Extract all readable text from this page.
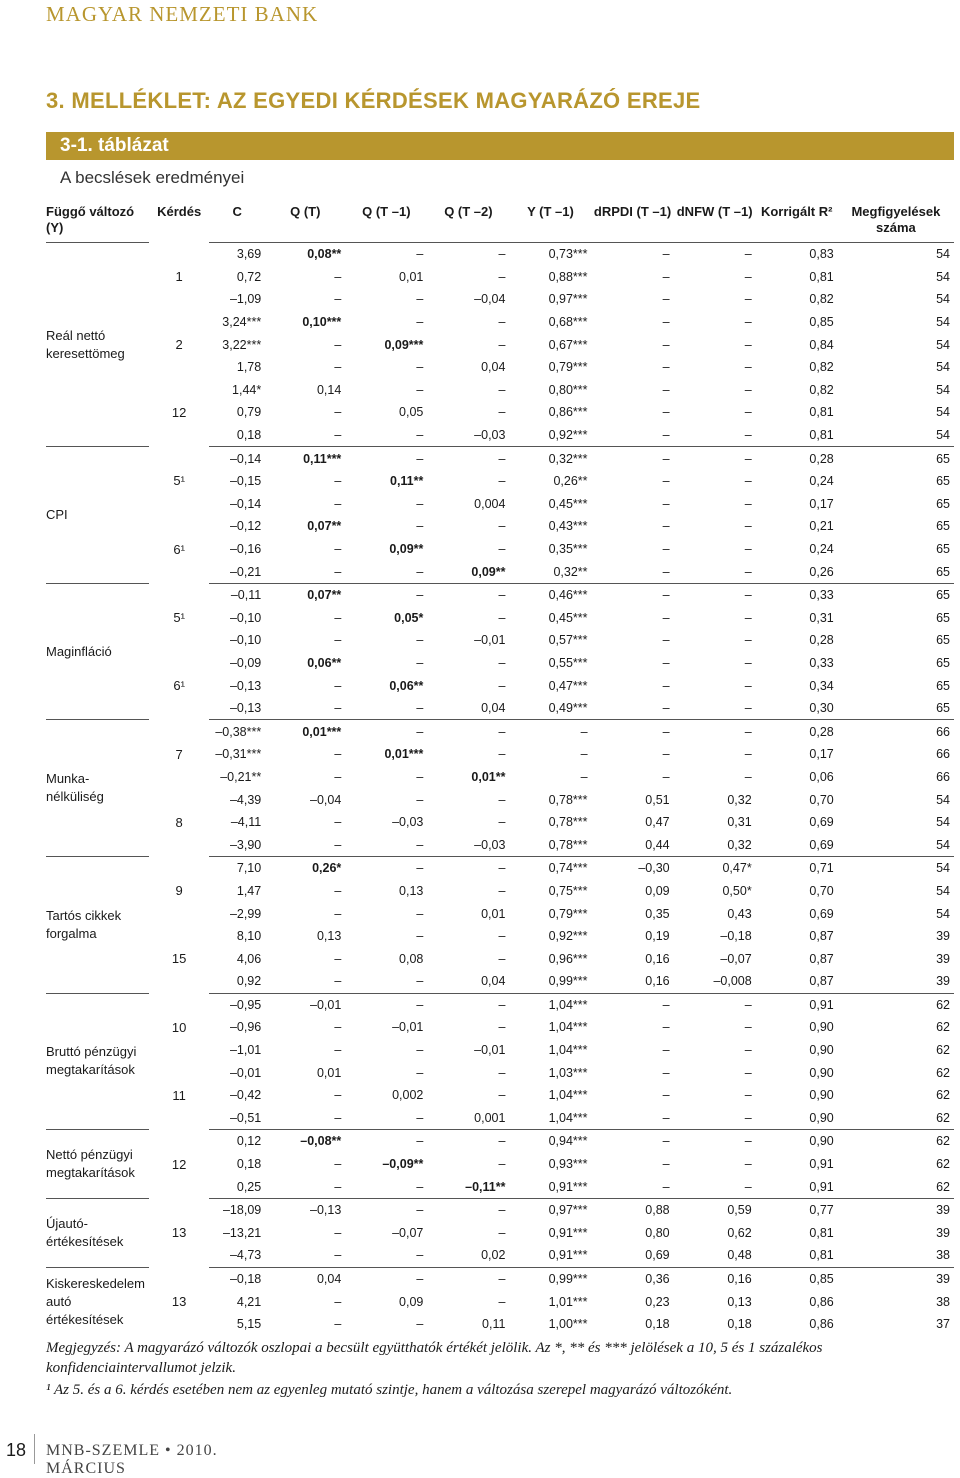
MAGYAR NEMZETI BANK
3. MELLÉKLET: AZ EGYEDI KÉRDÉSEK MAGYARÁZÓ EREJE
3-1. táblázat
A becslések eredményei
Függő változó (Y)	Kérdés	C	Q (T)	Q (T –1)	Q (T –2)	Y (T –1)	dRPDI (T –1)	dNFW (T –1)	Korrigált R²	Megfigyelések száma
Reál nettó keresettömeg	1	3,69	0,08**	–	–	0,73***	–	–	0,83	54
		0,72	–	0,01	–	0,88***	–	–	0,81	54
		–1,09	–	–	–0,04	0,97***	–	–	0,82	54
	2	3,24***	0,10***	–	–	0,68***	–	–	0,85	54
		3,22***	–	0,09***	–	0,67***	–	–	0,84	54
		1,78	–	–	0,04	0,79***	–	–	0,82	54
	12	1,44*	0,14	–	–	0,80***	–	–	0,82	54
		0,79	–	0,05	–	0,86***	–	–	0,81	54
		0,18	–	–	–0,03	0,92***	–	–	0,81	54
CPI	5¹	–0,14	0,11***	–	–	0,32***	–	–	0,28	65
		–0,15	–	0,11**	–	0,26**	–	–	0,24	65
		–0,14	–	–	0,004	0,45***	–	–	0,17	65
	6¹	–0,12	0,07**	–	–	0,43***	–	–	0,21	65
		–0,16	–	0,09**	–	0,35***	–	–	0,24	65
		–0,21	–	–	0,09**	0,32**	–	–	0,26	65
Maginfláció	5¹	–0,11	0,07**	–	–	0,46***	–	–	0,33	65
		–0,10	–	0,05*	–	0,45***	–	–	0,31	65
		–0,10	–	–	–0,01	0,57***	–	–	0,28	65
	6¹	–0,09	0,06**	–	–	0,55***	–	–	0,33	65
		–0,13	–	0,06**	–	0,47***	–	–	0,34	65
		–0,13	–	–	0,04	0,49***	–	–	0,30	65
Munka-nélküliség	7	–0,38***	0,01***	–	–	–	–	–	0,28	66
		–0,31***	–	0,01***	–	–	–	–	0,17	66
		–0,21**	–	–	0,01**	–	–	–	0,06	66
	8	–4,39	–0,04	–	–	0,78***	0,51	0,32	0,70	54
		–4,11	–	–0,03	–	0,78***	0,47	0,31	0,69	54
		–3,90	–	–	–0,03	0,78***	0,44	0,32	0,69	54
Tartós cikkek forgalma	9	7,10	0,26*	–	–	0,74***	–0,30	0,47*	0,71	54
		1,47	–	0,13	–	0,75***	0,09	0,50*	0,70	54
		–2,99	–	–	0,01	0,79***	0,35	0,43	0,69	54
	15	8,10	0,13	–	–	0,92***	0,19	–0,18	0,87	39
		4,06	–	0,08	–	0,96***	0,16	–0,07	0,87	39
		0,92	–	–	0,04	0,99***	0,16	–0,008	0,87	39
Bruttó pénzügyi megtakarítások	10	–0,95	–0,01	–	–	1,04***	–	–	0,91	62
		–0,96	–	–0,01	–	1,04***	–	–	0,90	62
		–1,01	–	–	–0,01	1,04***	–	–	0,90	62
	11	–0,01	0,01	–	–	1,03***	–	–	0,90	62
		–0,42	–	0,002	–	1,04***	–	–	0,90	62
		–0,51	–	–	0,001	1,04***	–	–	0,90	62
Nettó pénzügyi megtakarítások	12	0,12	–0,08**	–	–	0,94***	–	–	0,90	62
		0,18	–	–0,09**	–	0,93***	–	–	0,91	62
		0,25	–	–	–0,11**	0,91***	–	–	0,91	62
Újautó-értékesítések	13	–18,09	–0,13	–	–	0,97***	0,88	0,59	0,77	39
		–13,21	–	–0,07	–	0,91***	0,80	0,62	0,81	39
		–4,73	–	–	0,02	0,91***	0,69	0,48	0,81	38
Kiskereskedelem autó értékesítések	13	–0,18	0,04	–	–	0,99***	0,36	0,16	0,85	39
		4,21	–	0,09	–	1,01***	0,23	0,13	0,86	38
		5,15	–	–	0,11	1,00***	0,18	0,18	0,86	37
Megjegyzés: A magyarázó változók oszlopai a becsült együtthatók értékét jelölik. Az *, ** és *** jelölések a 10, 5 és 1 százalékos konfidenciaintervallumot jelzik.
¹ Az 5. és a 6. kérdés esetében nem az egyenleg mutató szintje, hanem a változása szerepel magyarázó változóként.
18 MNB-SZEMLE • 2010. MÁRCIUS
